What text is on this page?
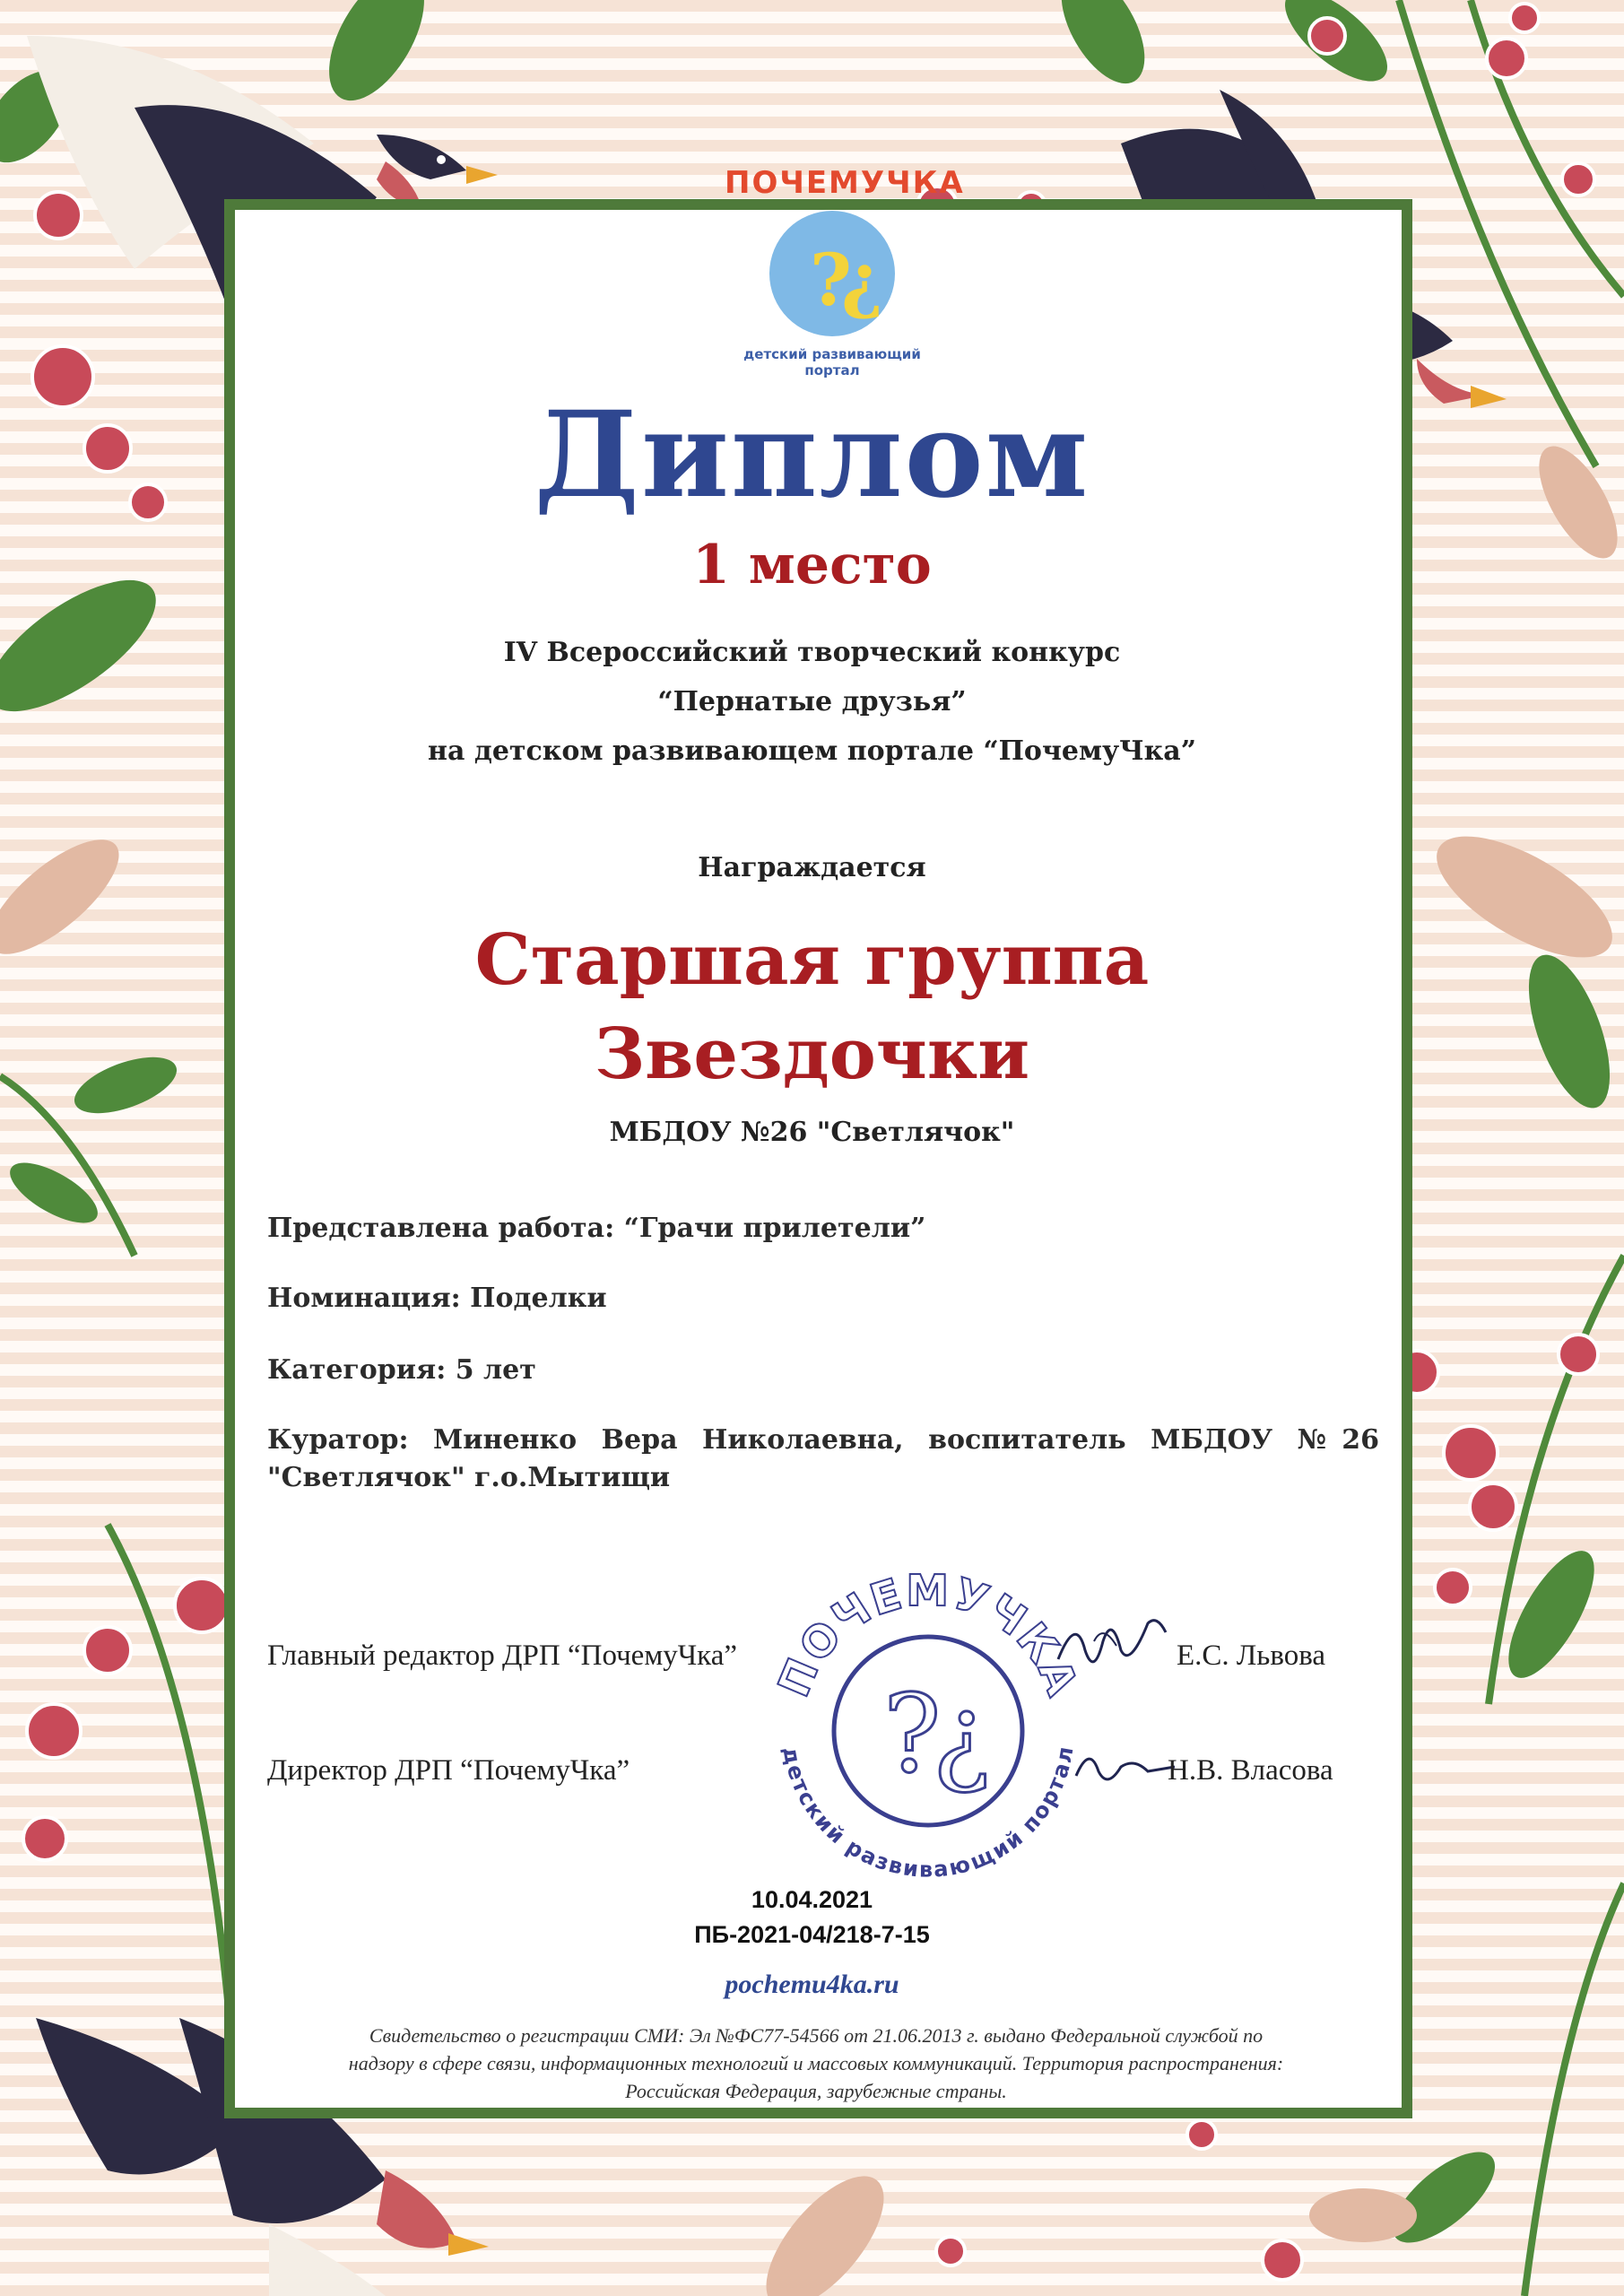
?
¿
ПОЧЕМУЧКА
детский развивающий портал
Диплом
1 место
IV Всероссийский творческий конкурс
“Пернатые друзья”
на детском развивающем портале “ПочемуЧка”
Награждается
Старшая группа
Звездочки
МБДОУ №26 "Светлячок"
Представлена работа: “Грачи прилетели”
Номинация: Поделки
Категория: 5 лет
Куратор: Миненко Вера Николаевна, воспитатель МБДОУ №26 "Светлячок" г.о.Мытищи
ПОЧЕМУЧКА
детский развивающий портал
?
¿
Главный редактор ДРП “ПочемуЧка”	Е.С. Львова
Директор ДРП “ПочемуЧка”	Н.В. Власова
10.04.2021
ПБ-2021-04/218-7-15
pochemu4ka.ru
Свидетельство о регистрации СМИ: Эл №ФС77-54566 от 21.06.2013 г. выдано Федеральной службой по
надзору в сфере связи, информационных технологий и массовых коммуникаций. Территория распространения:
Российская Федерация, зарубежные страны.
